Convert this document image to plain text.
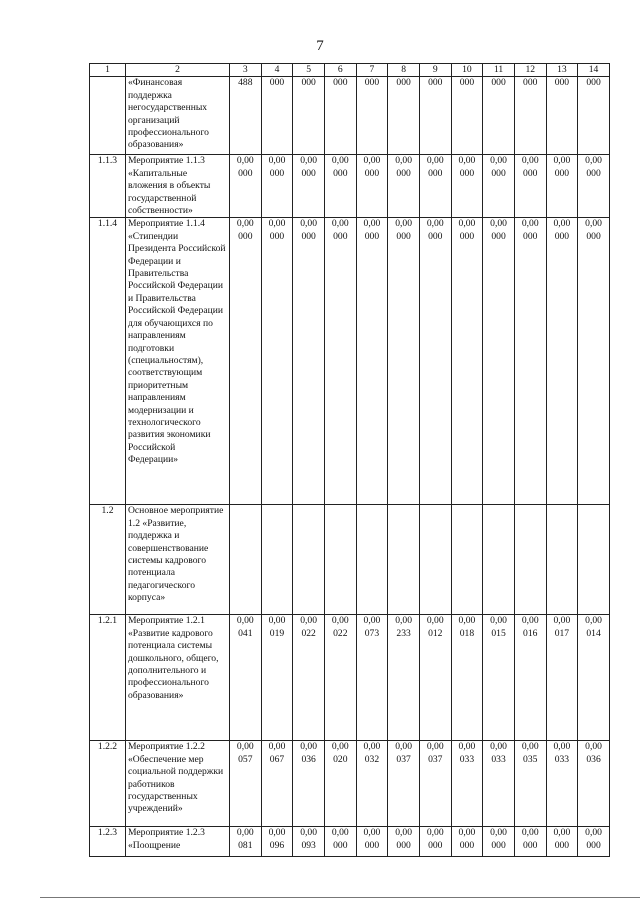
7
1	2	3	4	5	6	7	8	9	10	11	12	13	14
	«Финансовая поддержка негосударственных организаций профессионального образования»	488	000	000	000	000	000	000	000	000	000	000	000
1.1.3	Мероприятие 1.1.3 «Капитальные вложения в объекты государственной собственности»	0,00 000	0,00 000	0,00 000	0,00 000	0,00 000	0,00 000	0,00 000	0,00 000	0,00 000	0,00 000	0,00 000	0,00 000
1.1.4	Мероприятие 1.1.4 «Стипендии Президента Российской Федерации и Правительства Российской Федерации и Правительства Российской Федерации для обучающихся по направлениям подготовки (специальностям), соответствующим приоритетным направлениям модернизации и технологического развития экономики Российской Федерации»	0,00 000	0,00 000	0,00 000	0,00 000	0,00 000	0,00 000	0,00 000	0,00 000	0,00 000	0,00 000	0,00 000	0,00 000
1.2	Основное мероприятие 1.2 «Развитие, поддержка и совершенствование системы кадрового потенциала педагогического корпуса»												
1.2.1	Мероприятие 1.2.1 «Развитие кадрового потенциала системы дошкольного, общего, дополнительного и профессионального образования»	0,00 041	0,00 019	0,00 022	0,00 022	0,00 073	0,00 233	0,00 012	0,00 018	0,00 015	0,00 016	0,00 017	0,00 014
1.2.2	Мероприятие 1.2.2 «Обеспечение мер социальной поддержки работников государственных учреждений»	0,00 057	0,00 067	0,00 036	0,00 020	0,00 032	0,00 037	0,00 037	0,00 033	0,00 033	0,00 035	0,00 033	0,00 036
1.2.3	Мероприятие 1.2.3 «Поощрение	0,00 081	0,00 096	0,00 093	0,00 000	0,00 000	0,00 000	0,00 000	0,00 000	0,00 000	0,00 000	0,00 000	0,00 000
